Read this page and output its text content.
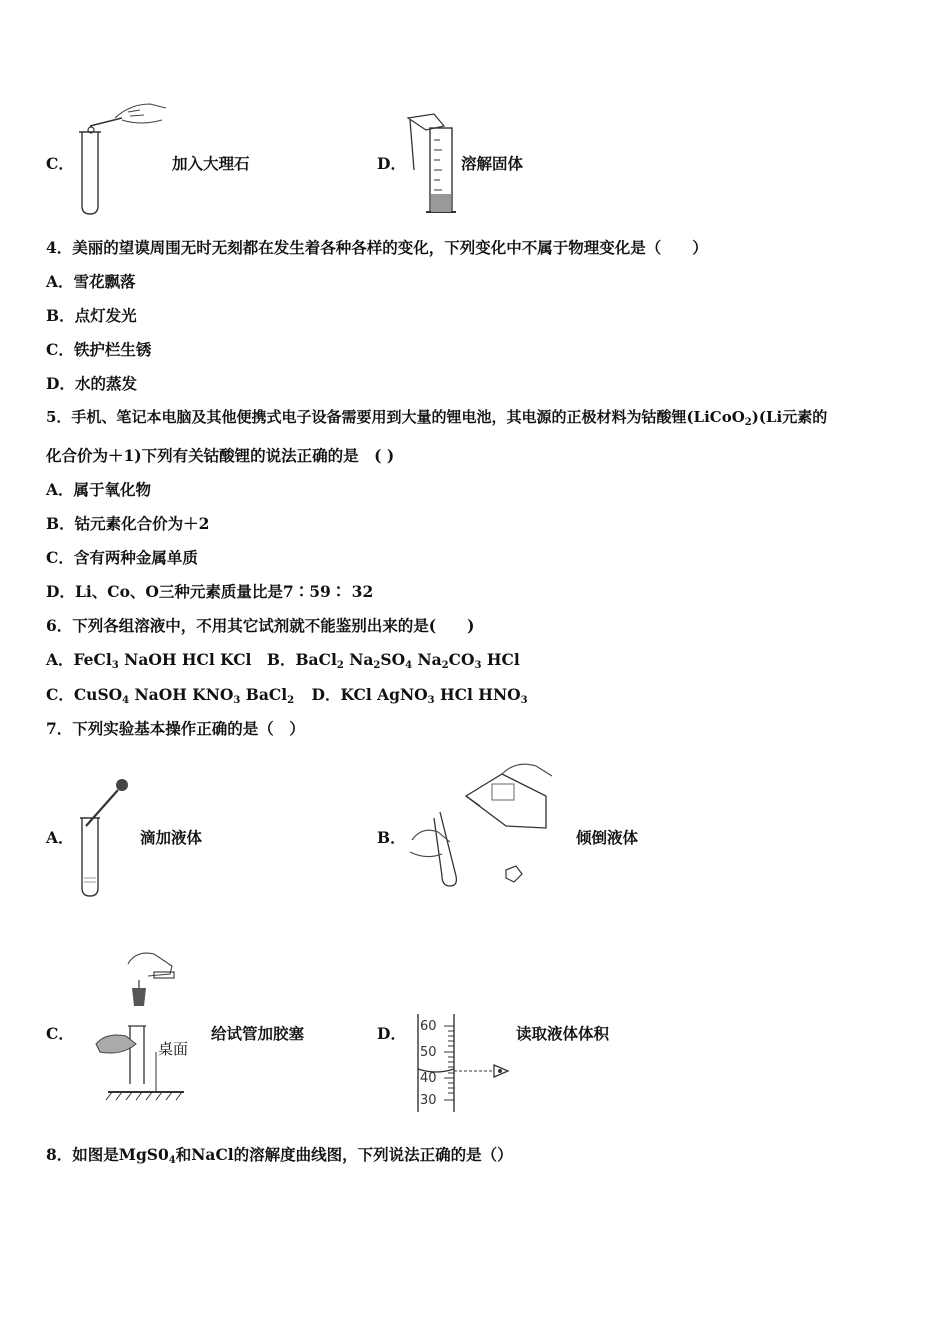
C．	加入大理石	D．	溶解固体
4．美丽的望谟周围无时无刻都在发生着各种各样的变化，下列变化中不属于物理变化是（　　）
A．雪花飘落
B．点灯发光
C．铁护栏生锈
D．水的蒸发
5．手机、笔记本电脑及其他便携式电子设备需要用到大量的锂电池，其电源的正极材料为钴酸锂(LiCoO$_2$)(Li元素的
化合价为＋1)下列有关钴酸锂的说法正确的是　( )
A．属于氧化物
B．钴元素化合价为＋2
C．含有两种金属单质
D．Li、Co、O三种元素质量比是7∶59∶ 32
6．下列各组溶液中，不用其它试剂就不能鉴别出来的是(　　)
A．FeCl$_3$ NaOH HCl KCl B．BaCl$_2$ $Na_2SO_4$ $Na_2CO_3$ HCl
C．CuSO$_4$ NaOH $KNO_3$ BaCl$_2$ D．KCl AgNO$_3$ HCl $HNO_3$
7．下列实验基本操作正确的是（　）
A．	滴加液体	B．	倾倒液体
C．
桌面
给试管加胶塞	D． 60
50
40
30
读取液体体积
8．如图是$MgS0_4$和NaCl的溶解度曲线图，下列说法正确的是（）
